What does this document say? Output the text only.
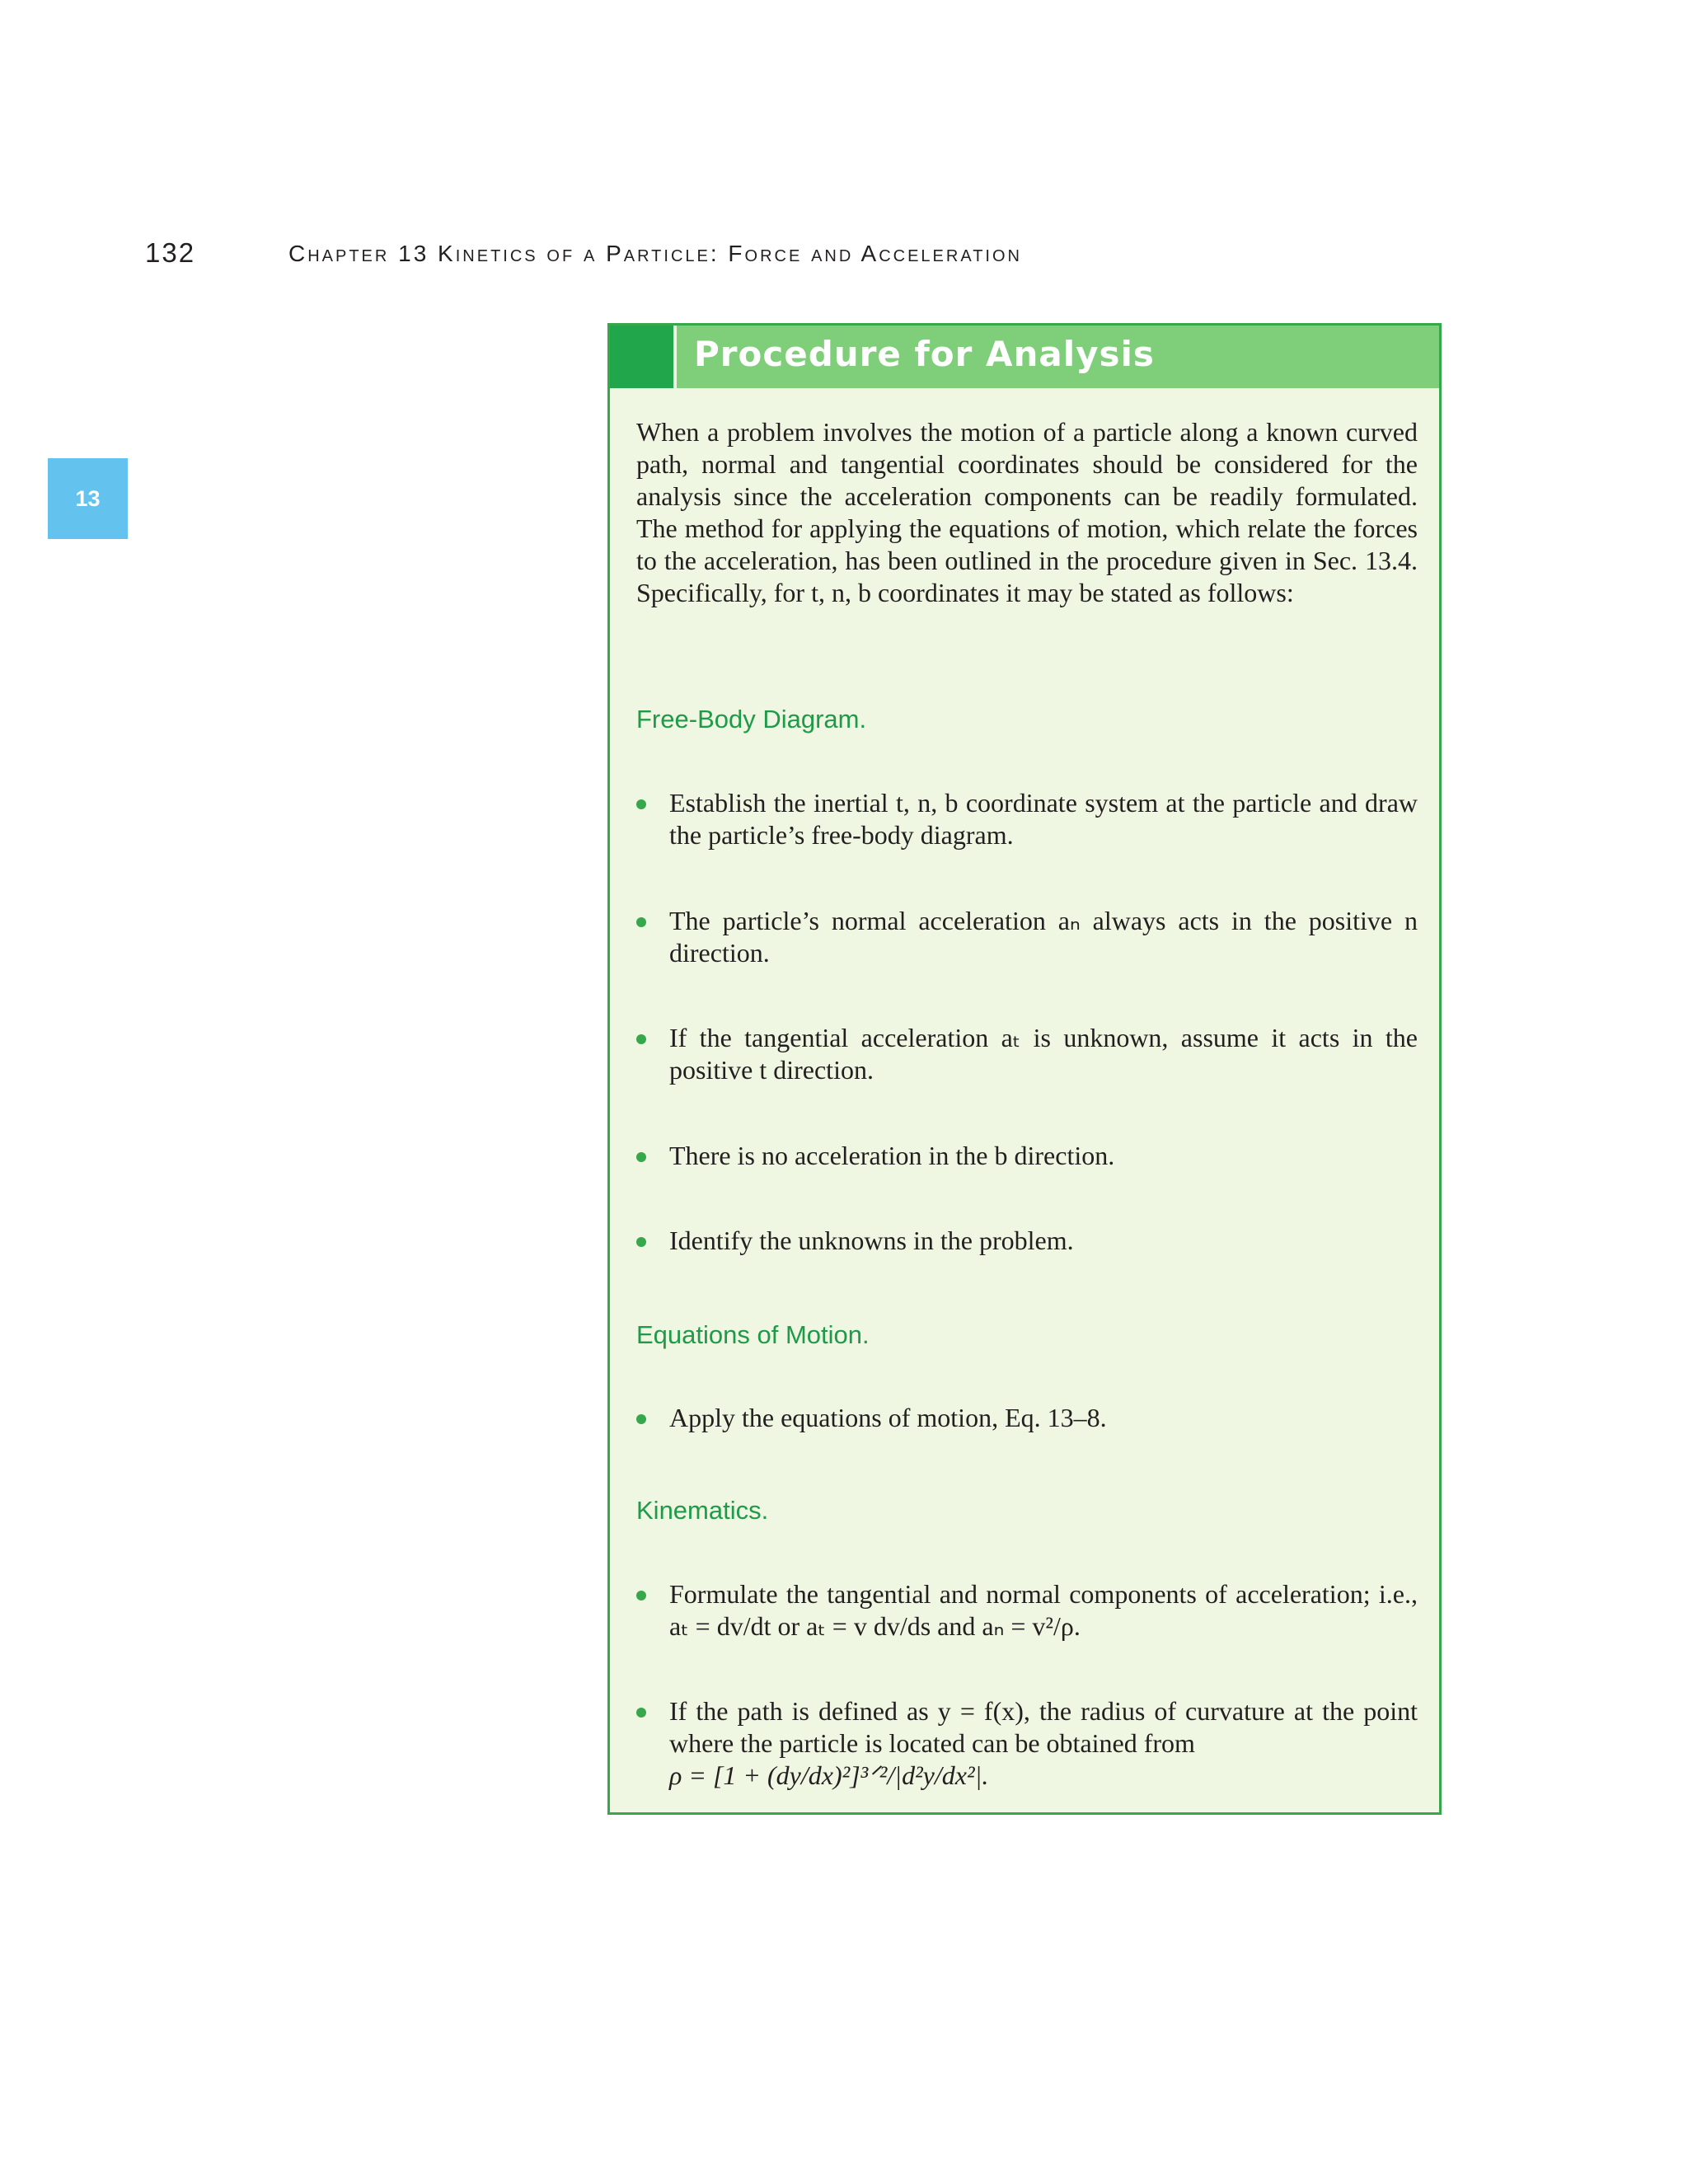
132	Chapter 13 Kinetics of a Particle: Force and Acceleration
13
Procedure for Analysis
When a problem involves the motion of a particle along a known curved path, normal and tangential coordinates should be considered for the analysis since the acceleration components can be readily formulated. The method for applying the equations of motion, which relate the forces to the acceleration, has been outlined in the procedure given in Sec. 13.4. Specifically, for t, n, b coordinates it may be stated as follows:
Free-Body Diagram.
Establish the inertial t, n, b coordinate system at the particle and draw the particle’s free-body diagram.
The particle’s normal acceleration aₙ always acts in the positive n direction.
If the tangential acceleration aₜ is unknown, assume it acts in the positive t direction.
There is no acceleration in the b direction.
Identify the unknowns in the problem.
Equations of Motion.
Apply the equations of motion, Eq. 13–8.
Kinematics.
Formulate the tangential and normal components of acceleration; i.e., aₜ = dv/dt or aₜ = v dv/ds and aₙ = v²/ρ.
If the path is defined as y = f(x), the radius of curvature at the point where the particle is located can be obtained from
ρ = [1 + (dy/dx)²]³ᐟ²/|d²y/dx²|.
